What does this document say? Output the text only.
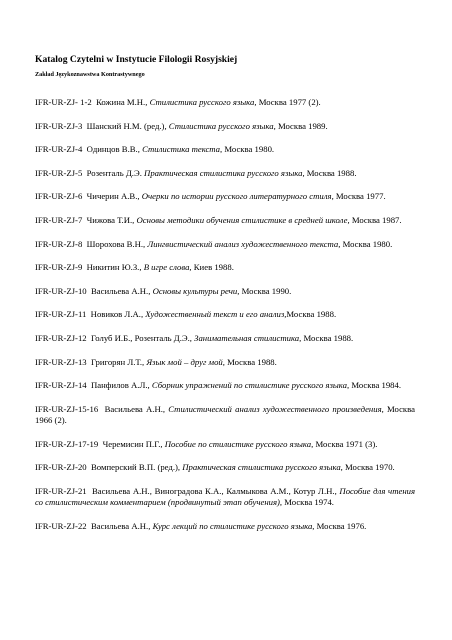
Katalog Czytelni w Instytucie Filologii Rosyjskiej
Zakład Językoznawstwa Kontrastywnego
IFR-UR-ZJ- 1-2 Кожина М.Н., Стилистика русского языка, Москва 1977 (2).
IFR-UR-ZJ-3 Шанский Н.М. (ред.), Стилистика русского языка, Москва 1989.
IFR-UR-ZJ-4 Одинцов В.В., Стилистика текста, Москва 1980.
IFR-UR-ZJ-5 Розенталь Д.Э. Практическая стилистика русского языка, Москва 1988.
IFR-UR-ZJ-6 Чичерин А.В., Очерки по истории русского литературного стиля, Москва 1977.
IFR-UR-ZJ-7 Чижова Т.И., Основы методики обучения стилистике в средней школе, Москва 1987.
IFR-UR-ZJ-8 Шорохова В.Н., Лингвистический анализ художественного текста, Москва 1980.
IFR-UR-ZJ-9 Никитин Ю.З., В игре слова, Киев 1988.
IFR-UR-ZJ-10 Васильева А.Н., Основы культуры речи, Москва 1990.
IFR-UR-ZJ-11 Новиков Л.А., Художественный текст и его анализ,Москва 1988.
IFR-UR-ZJ-12 Голуб И.Б., Розенталь Д.Э., Занимательная стилистика, Москва 1988.
IFR-UR-ZJ-13 Григорян Л.Т., Язык мой – друг мой, Москва 1988.
IFR-UR-ZJ-14 Панфилов А.Л., Сборник упражнений по стилистике русского языка, Москва 1984.
IFR-UR-ZJ-15-16 Васильева А.Н., Стилистический анализ художественного произведения, Москва 1966 (2).
IFR-UR-ZJ-17-19 Черемисин П.Г., Пособие по стилистике русского языка, Москва 1971 (3).
IFR-UR-ZJ-20 Вомперский В.П. (ред.), Практическая стилистика русского языка, Москва 1970.
IFR-UR-ZJ-21 Васильева А.Н., Виноградова К.А., Калмыкова А.М., Котур Л.Н., Пособие для чтения со стилистическим комментарием (продвинутый этап обучения), Москва 1974.
IFR-UR-ZJ-22 Васильева А.Н., Курс лекций по стилистике русского языка, Москва 1976.
